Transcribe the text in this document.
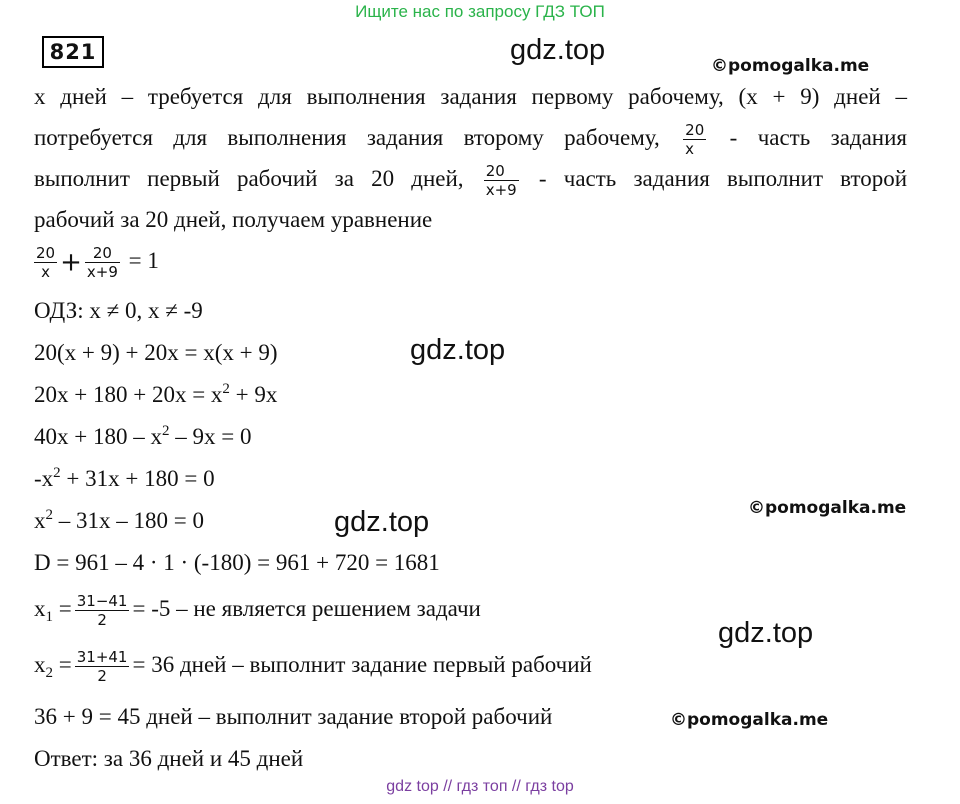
Ищите нас по запросу ГДЗ ТОП
821	gdz.top	©pomogalka.me
gdz.top
©pomogalka.me
gdz.top
gdz.top
©pomogalka.me
x дней – требуется для выполнения задания первому рабочему, (x + 9) дней –
потребуется для выполнения задания второму рабочему, $\frac{20}{x}$ - часть задания
выполнит первый рабочий за 20 дней, $\frac{20}{x+9}$ - часть задания выполнит второй
рабочий за 20 дней, получаем уравнение
$\frac{20}{x} + \frac{20}{x+9} = 1$
ОДЗ: x ≠ 0, x ≠ -9
20(x + 9) + 20x = x(x + 9)
$20x + 180 + 20x = x^2 + 9x$
$40x + 180 - x^2 - 9x = 0$
$-x^2 + 31x + 180 = 0$
$x^2 - 31x - 180 = 0$
D = 961 – 4 · 1 · (-180) = 961 + 720 = 1681
$x_1 = \frac{31-41}{2} = -5$ – не является решением задачи
$x_2 = \frac{31+41}{2} = 36$ дней – выполнит задание первый рабочий
36 + 9 = 45 дней – выполнит задание второй рабочий
Ответ: за 36 дней и 45 дней
gdz top // гдз топ // гдз top
